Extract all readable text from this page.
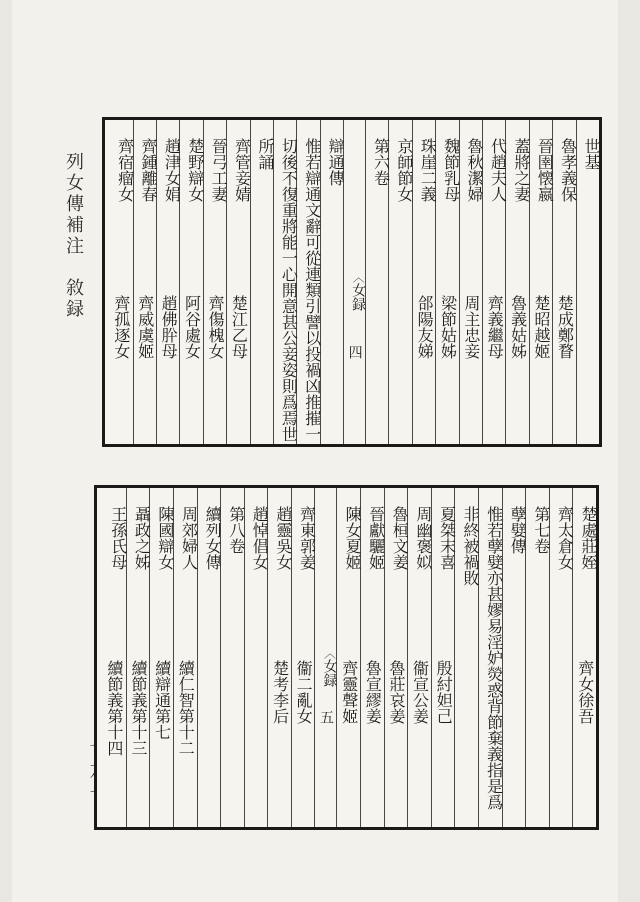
列女傳補注　敘録	世基
魯孝義保
楚成鄭瞀
晉圉懐嬴
楚昭越姬
蓋將之妻
魯義姑姊
代趙夫人
齊義繼母
魯秋潔婦
周主忠妾
魏節乳母
梁節姑姊
珠崖二義
郃陽友娣
京師節女
第六卷
〈女録
四
辯通傳
惟若辯通文辭可從連類引譬以投禍凶推摧一
切後不復重將能一心開意甚公妾姿則爲焉世
所誦
齊管妾婧
楚江乙母
晉弓工妻
齊傷槐女
楚野辯女
阿谷處女
趙津女娟
趙佛肸母
齊鍾離春
齊威虞姬
齊宿瘤女
齊孤逐女
楚處莊姪
齊女徐吾
齊太倉女
第七卷
孽嬖傳
惟若孽嬖亦甚嫪易淫妒熒惑背節棄義指是爲
非終被禍敗
夏桀末喜
殷紂妲己
周幽褒姒
衞宣公姜
魯桓文姜
魯莊哀姜
晉獻驪姬
魯宣繆姜
陳女夏姬
齊靈聲姬
〈女録
五
齊東郭姜
衞二亂女
趙靈吳女
楚考李后
趙悼倡女
第八卷
續列女傳
周郊婦人
續仁智第十二
陳國辯女
續辯通第七
聶政之姊
續節義第十三
王孫氏母
續節義第十四
